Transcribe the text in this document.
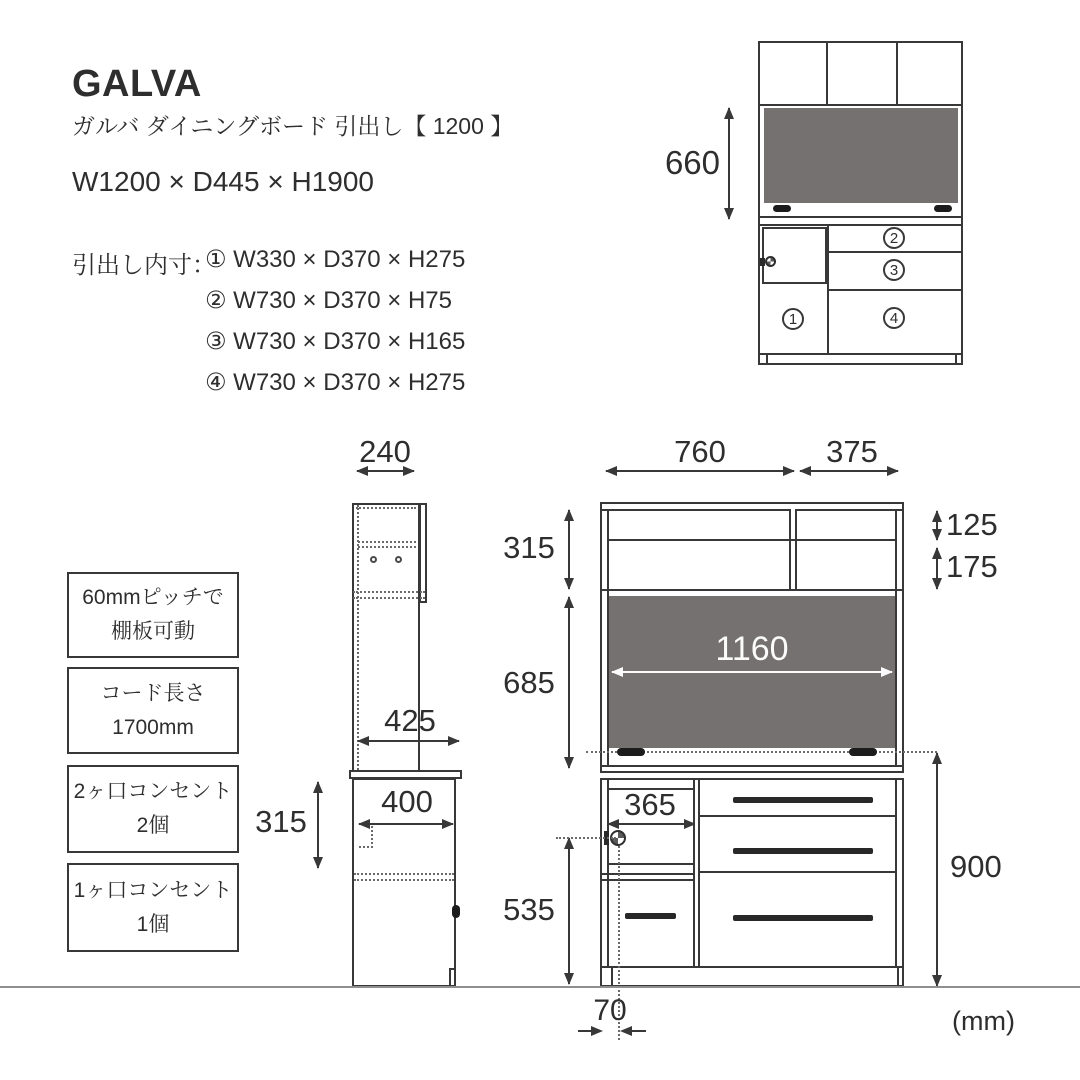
GALVA
ガルバ ダイニングボード 引出し【 1200 】
W1200 × D445 × H1900
引出し内寸：
① W330 × D370 × H275
② W730 × D370 × H75
③ W730 × D370 × H165
④ W730 × D370 × H275
60mmピッチで
棚板可動
コード長さ
1700mm
2ヶ口コンセント
2個
1ヶ口コンセント
1個
1
2
3
4
660
240
425
400
315
760	375
1160
365
315
685
535
125
175
900
70	(mm)
